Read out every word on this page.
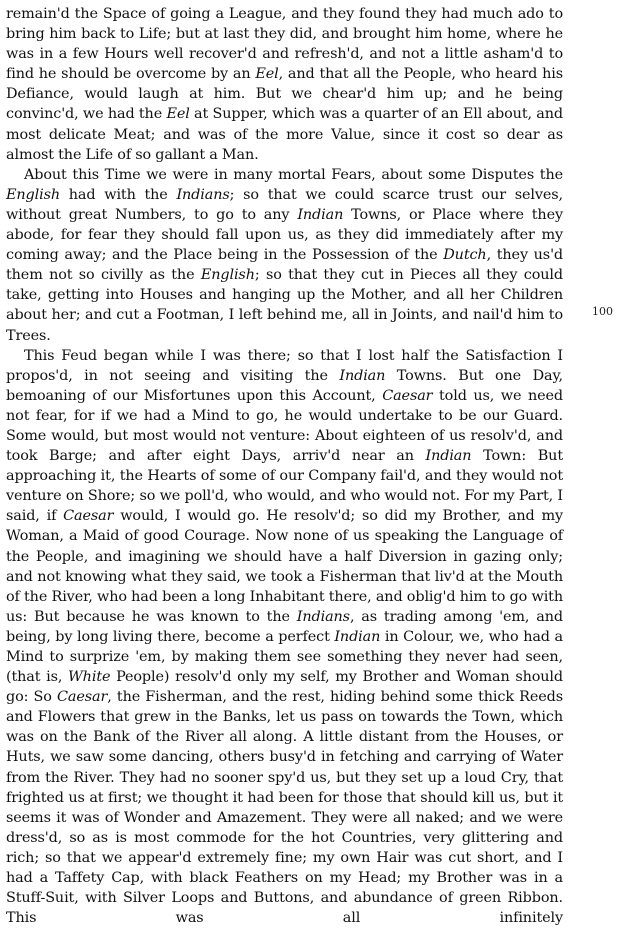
remain'd the Space of going a League, and they found they had much ado to bring him back to Life; but at last they did, and brought him home, where he was in a few Hours well recover'd and refresh'd, and not a little asham'd to find he should be overcome by an Eel, and that all the People, who heard his Defiance, would laugh at him. But we chear'd him up; and he being convinc'd, we had the Eel at Supper, which was a quarter of an Ell about, and most delicate Meat; and was of the more Value, since it cost so dear as almost the Life of so gallant a Man.

About this Time we were in many mortal Fears, about some Disputes the English had with the Indians; so that we could scarce trust our selves, without great Numbers, to go to any Indian Towns, or Place where they abode, for fear they should fall upon us, as they did immediately after my coming away; and the Place being in the Possession of the Dutch, they us'd them not so civilly as the English; so that they cut in Pieces all they could take, getting into Houses and hanging up the Mother, and all her Children about her; and cut a Footman, I left behind me, all in Joints, and nail'd him to Trees.

This Feud began while I was there; so that I lost half the Satisfaction I propos'd, in not seeing and visiting the Indian Towns. But one Day, bemoaning of our Misfortunes upon this Account, Caesar told us, we need not fear, for if we had a Mind to go, he would undertake to be our Guard. Some would, but most would not venture: About eighteen of us resolv'd, and took Barge; and after eight Days, arriv'd near an Indian Town: But approaching it, the Hearts of some of our Company fail'd, and they would not venture on Shore; so we poll'd, who would, and who would not. For my Part, I said, if Caesar would, I would go. He resolv'd; so did my Brother, and my Woman, a Maid of good Courage. Now none of us speaking the Language of the People, and imagining we should have a half Diversion in gazing only; and not knowing what they said, we took a Fisherman that liv'd at the Mouth of the River, who had been a long Inhabitant there, and oblig'd him to go with us: But because he was known to the Indians, as trading among 'em, and being, by long living there, become a perfect Indian in Colour, we, who had a Mind to surprize 'em, by making them see something they never had seen, (that is, White People) resolv'd only my self, my Brother and Woman should go: So Caesar, the Fisherman, and the rest, hiding behind some thick Reeds and Flowers that grew in the Banks, let us pass on towards the Town, which was on the Bank of the River all along. A little distant from the Houses, or Huts, we saw some dancing, others busy'd in fetching and carrying of Water from the River. They had no sooner spy'd us, but they set up a loud Cry, that frighted us at first; we thought it had been for those that should kill us, but it seems it was of Wonder and Amazement. They were all naked; and we were dress'd, so as is most commode for the hot Countries, very glittering and rich; so that we appear'd extremely fine; my own Hair was cut short, and I had a Taffety Cap, with black Feathers on my Head; my Brother was in a Stuff-Suit, with Silver Loops and Buttons, and abundance of green Ribbon. This was all infinitely

100
